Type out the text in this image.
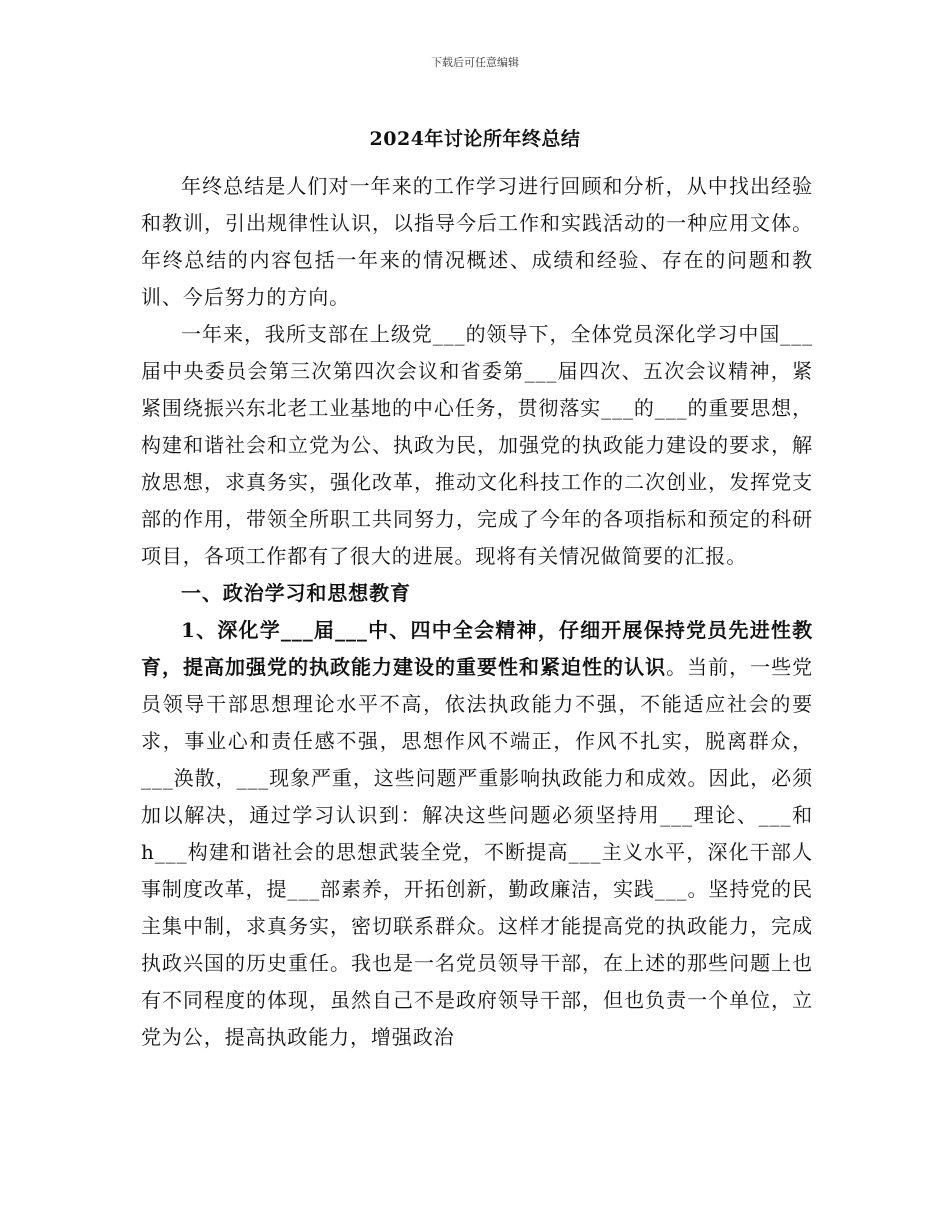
下载后可任意编辑
2024年讨论所年终总结

年终总结是人们对一年来的工作学习进行回顾和分析，从中找出经验和教训，引出规律性认识，以指导今后工作和实践活动的一种应用文体。年终总结的内容包括一年来的情况概述、成绩和经验、存在的问题和教训、今后努力的方向。

一年来，我所支部在上级党___的领导下，全体党员深化学习中国___届中央委员会第三次第四次会议和省委第___届四次、五次会议精神，紧紧围绕振兴东北老工业基地的中心任务，贯彻落实___的___的重要思想，构建和谐社会和立党为公、执政为民，加强党的执政能力建设的要求，解放思想，求真务实，强化改革，推动文化科技工作的二次创业，发挥党支部的作用，带领全所职工共同努力，完成了今年的各项指标和预定的科研项目，各项工作都有了很大的进展。现将有关情况做简要的汇报。

一、政治学习和思想教育

1、深化学___届___中、四中全会精神，仔细开展保持党员先进性教育，提高加强党的执政能力建设的重要性和紧迫性的认识。当前，一些党员领导干部思想理论水平不高，依法执政能力不强，不能适应社会的要求，事业心和责任感不强，思想作风不端正，作风不扎实，脱离群众，___涣散，___现象严重，这些问题严重影响执政能力和成效。因此，必须加以解决，通过学习认识到：解决这些问题必须坚持用___理论、___和h___构建和谐社会的思想武装全党，不断提高___主义水平，深化干部人事制度改革，提___部素养，开拓创新，勤政廉洁，实践___。坚持党的民主集中制，求真务实，密切联系群众。这样才能提高党的执政能力，完成执政兴国的历史重任。我也是一名党员领导干部，在上述的那些问题上也有不同程度的体现，虽然自己不是政府领导干部，但也负责一个单位，立党为公，提高执政能力，增强政治
